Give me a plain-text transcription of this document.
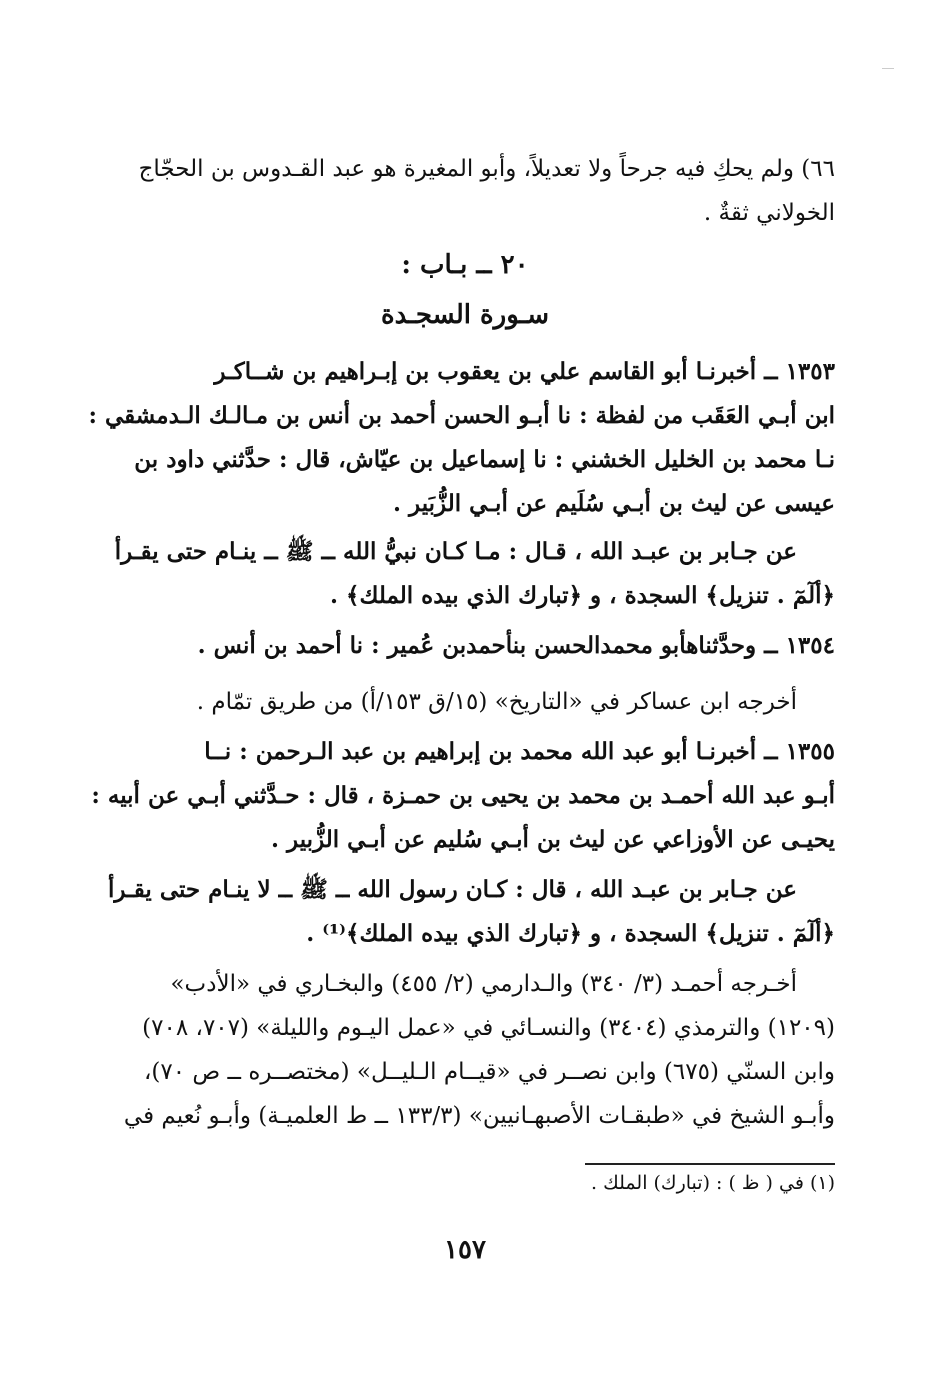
٦٦) ولم يحكِ فيه جرحاً ولا تعديلاً، وأبو المغيرة هو عبد القـدوس بن الحجّاج
الخولاني ثقةٌ .
٢٠ ــ بـاب :
سـورة السجـدة
١٣٥٣ ــ أخبرنـا أبو القاسم علي بن يعقوب بن إبـراهيم بن شــاكـر
ابن أبـي العَقَب من لفظة : نا أبـو الحسن أحمد بن أنس بن مـالـك الـدمشقي :
نـا محمد بن الخليل الخشني : نا إسماعيل بن عيّاش، قال : حدَّثني داود بن
عيسى عن ليث بن أبـي سُلَيم عن أبـي الزُّبَير .
عن جـابر بن عبـد الله ، قـال : مـا كـان نبيُّ الله ــ ﷺ ــ ينـام حتى يقـرأ
﴿ألٓمٓ . تنزيل﴾ السجدة ، و ﴿تبارك الذي بيده الملك﴾ .
١٣٥٤ ــ وحدَّثناهأبو محمدالحسن بنأحمدبن عُمير : نا أحمد بن أنس .
أخرجه ابن عساكر في «التاريخ» (١٥/ق ١٥٣/أ) من طريق تمّام .
١٣٥٥ ــ أخبرنـا أبو عبد الله محمد بن إبراهيم بن عبد الـرحمن : نــا
أبـو عبد الله أحمـد بن محمد بن يحيى بن حمـزة ، قال : حـدَّثني أبـي عن أبيه :
يحيـى عن الأوزاعي عن ليث بن أبـي سُليم عن أبـي الزُّبير .
عن جـابر بن عبـد الله ، قال : كـان رسول الله ــ ﷺ ــ لا ينـام حتى يقـرأ
﴿ألٓمٓ . تنزيل﴾ السجدة ، و ﴿تبارك الذي بيده الملك﴾⁽¹⁾ .
أخـرجه أحمـد (٣/ ٣٤٠) والـدارمي (٢/ ٤٥٥) والبخـاري في «الأدب»
(١٢٠٩) والترمذي (٣٤٠٤) والنسـائي في «عمل اليـوم والليلة» (٧٠٧، ٧٠٨)
وابن السنّي (٦٧٥) وابن نصــر في «قيــام الـليــل» (مختصــره ــ ص ٧٠)،
وأبـو الشيخ في «طبقـات الأصبهـانيين» (١٣٣/٣ ــ ط العلميـة) وأبـو نُعيم في
(١) في ( ظ ) : (تبارك) الملك .
١٥٧
